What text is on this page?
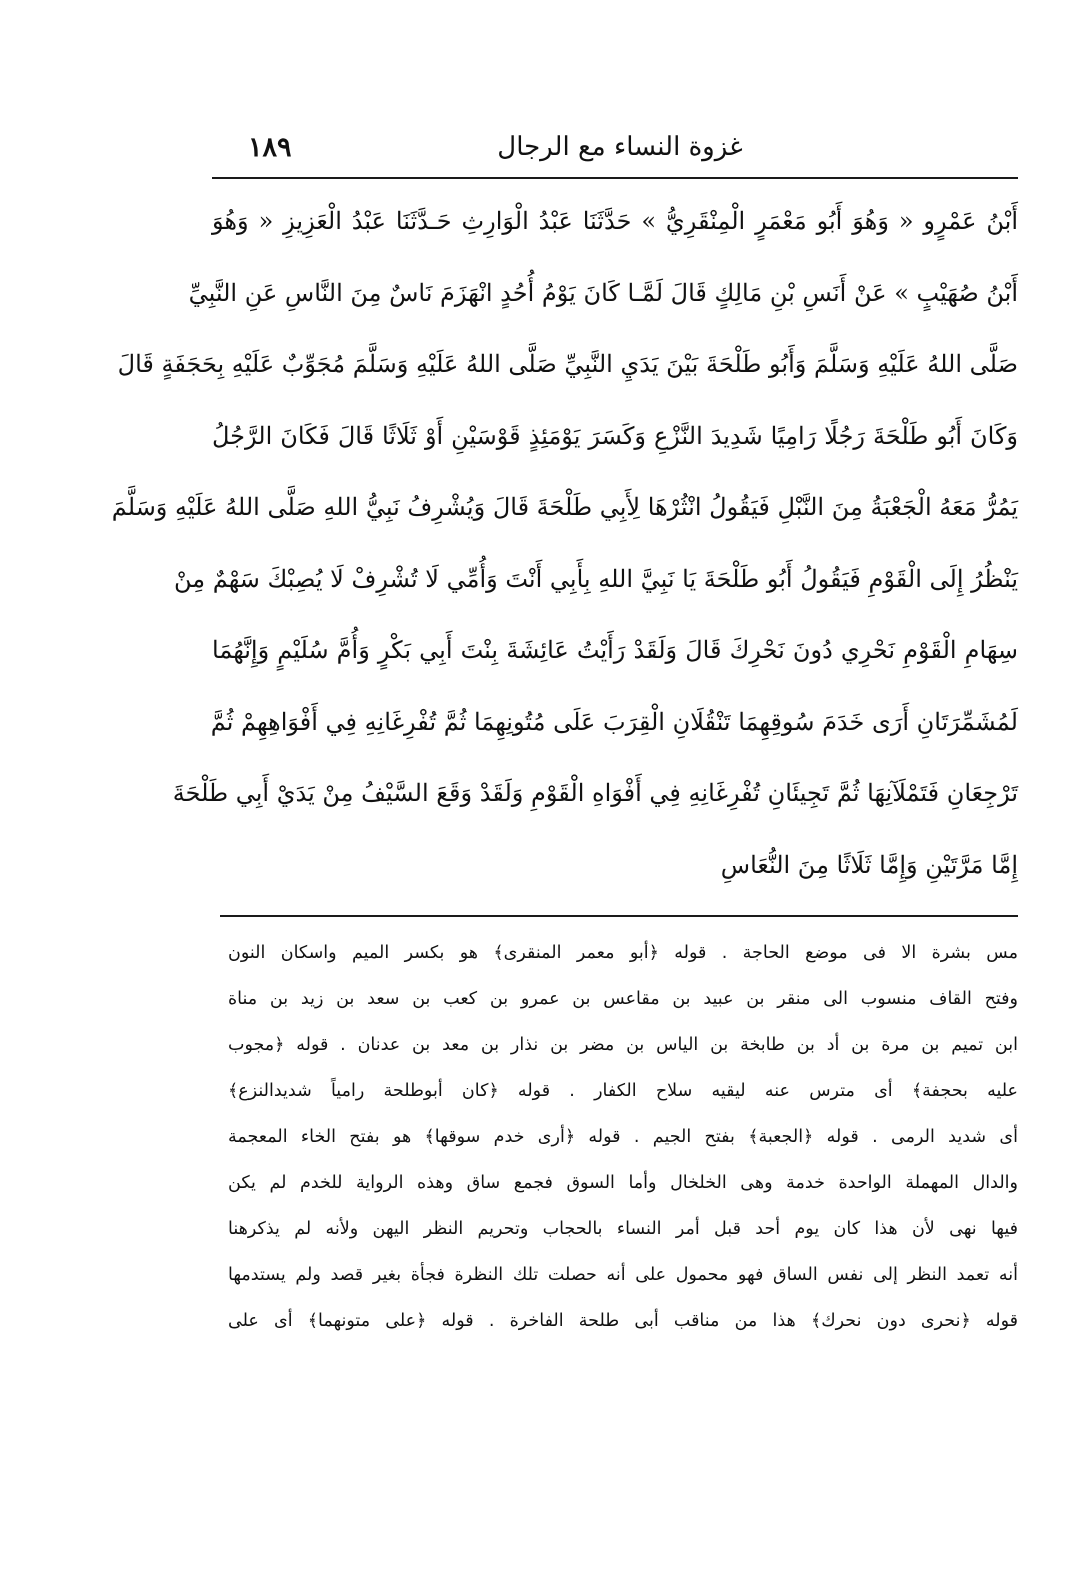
غزوة النساء مع الرجال
١٨٩
أَبْنُ عَمْرٍو « وَهُوَ أَبُو مَعْمَرٍ الْمِنْقَرِيُّ » حَدَّثَنَا عَبْدُ الْوَارِثِ حَـدَّثَنَا عَبْدُ الْعَزِيزِ « وَهُوَ
أَبْنُ صُهَيْبٍ » عَنْ أَنَسِ بْنِ مَالِكٍ قَالَ لَمَّـا كَانَ يَوْمُ أُحُدٍ انْهَزَمَ نَاسٌ مِنَ النَّاسِ عَنِ النَّبِيِّ
صَلَّى اللهُ عَلَيْهِ وَسَلَّمَ وَأَبُو طَلْحَةَ بَيْنَ يَدَيِ النَّبِيِّ صَلَّى اللهُ عَلَيْهِ وَسَلَّمَ مُجَوِّبٌ عَلَيْهِ بِحَجَفَةٍ قَالَ
وَكَانَ أَبُو طَلْحَةَ رَجُلًا رَامِيًا شَدِيدَ النَّزْعِ وَكَسَرَ يَوْمَئِذٍ قَوْسَيْنِ أَوْ ثَلَاثًا قَالَ فَكَانَ الرَّجُلُ
يَمُرُّ مَعَهُ الْجَعْبَةُ مِنَ النَّبْلِ فَيَقُولُ انْثُرْهَا لِأَبِي طَلْحَةَ قَالَ وَيُشْرِفُ نَبِيُّ اللهِ صَلَّى اللهُ عَلَيْهِ وَسَلَّمَ
يَنْظُرُ إِلَى الْقَوْمِ فَيَقُولُ أَبُو طَلْحَةَ يَا نَبِيَّ اللهِ بِأَبِي أَنْتَ وَأُمِّي لَا تُشْرِفْ لَا يُصِبْكَ سَهْمٌ مِنْ
سِهَامِ الْقَوْمِ نَحْرِي دُونَ نَحْرِكَ قَالَ وَلَقَدْ رَأَيْتُ عَائِشَةَ بِنْتَ أَبِي بَكْرٍ وَأُمَّ سُلَيْمٍ وَإِنَّهُمَا
لَمُشَمِّرَتَانِ أَرَى خَدَمَ سُوقِهِمَا تَنْقُلَانِ الْقِرَبَ عَلَى مُتُونِهِمَا ثُمَّ تُفْرِغَانِهِ فِي أَفْوَاهِهِمْ ثُمَّ
تَرْجِعَانِ فَتَمْلَآنِهَا ثُمَّ تَجِيئَانِ تُفْرِغَانِهِ فِي أَفْوَاهِ الْقَوْمِ وَلَقَدْ وَقَعَ السَّيْفُ مِنْ يَدَيْ أَبِي طَلْحَةَ
إِمَّا مَرَّتَيْنِ وَإِمَّا ثَلَاثًا مِنَ النُّعَاسِ
مس بشرة الا فى موضع الحاجة . قوله ﴿أبو معمر المنقرى﴾ هو بكسر الميم واسكان النون
وفتح القاف منسوب الى منقر بن عبيد بن مقاعس بن عمرو بن كعب بن سعد بن زيد بن مناة
ابن تميم بن مرة بن أد بن طابخة بن الياس بن مضر بن نذار بن معد بن عدنان . قوله ﴿مجوب
عليه بحجفة﴾ أى مترس عنه ليقيه سلاح الكفار . قوله ﴿كان أبوطلحة رامياً شديدالنزع﴾
أى شديد الرمى . قوله ﴿الجعبة﴾ بفتح الجيم . قوله ﴿أرى خدم سوقها﴾ هو بفتح الخاء المعجمة
والدال المهملة الواحدة خدمة وهى الخلخال وأما السوق فجمع ساق وهذه الرواية للخدم لم يكن
فيها نهى لأن هذا كان يوم أحد قبل أمر النساء بالحجاب وتحريم النظر اليهن ولأنه لم يذكرهنا
أنه تعمد النظر إلى نفس الساق فهو محمول على أنه حصلت تلك النظرة فجأة بغير قصد ولم يستدمها
قوله ﴿نحرى دون نحرك﴾ هذا من مناقب أبى طلحة الفاخرة . قوله ﴿على متونهما﴾ أى على
